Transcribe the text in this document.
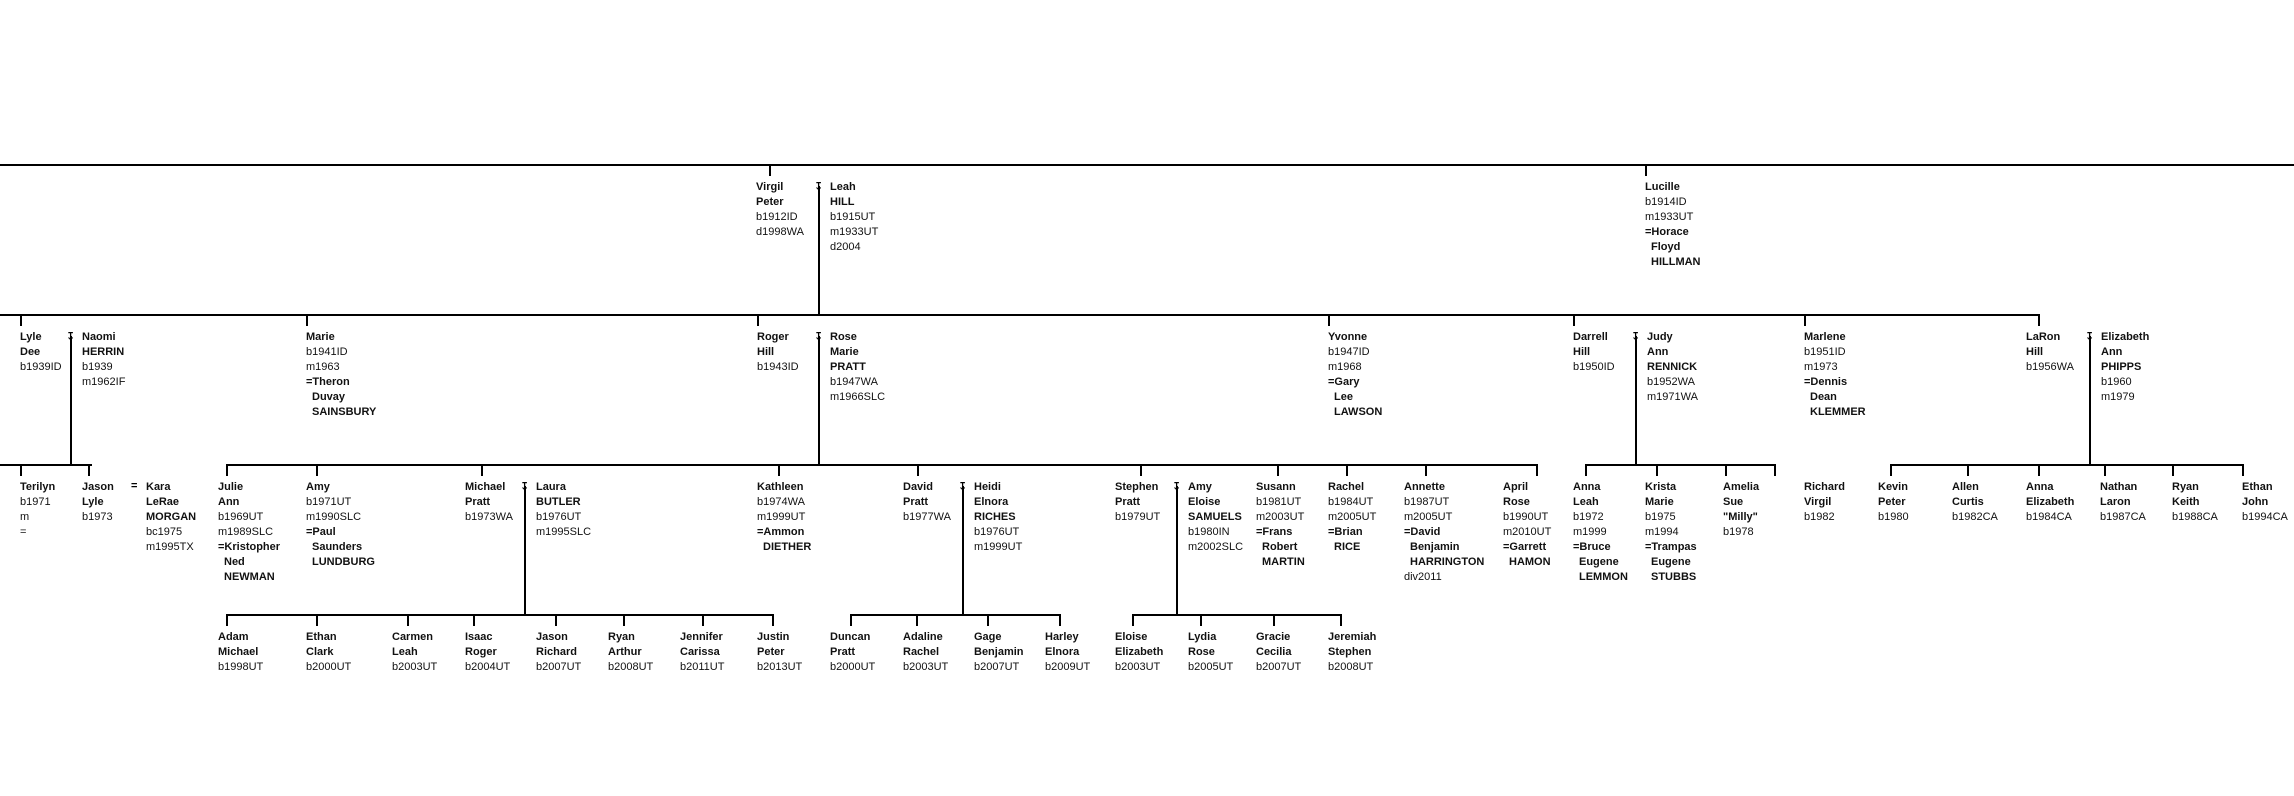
Virgil
Peter
b1912ID
d1998WA
Leah
HILL
b1915UT
m1933UT
d2004
Lucille
b1914ID
m1933UT
=Horace
Floyd
HILLMAN
Lyle
Dee
b1939ID
Naomi
HERRIN
b1939
m1962IF
Marie
b1941ID
m1963
=Theron
Duvay
SAINSBURY
Roger
Hill
b1943ID
Rose
Marie
PRATT
b1947WA
m1966SLC
Yvonne
b1947ID
m1968
=Gary
Lee
LAWSON
Darrell
Hill
b1950ID
Judy
Ann
RENNICK
b1952WA
m1971WA
Marlene
b1951ID
m1973
=Dennis
Dean
KLEMMER
LaRon
Hill
b1956WA
Elizabeth
Ann
PHIPPS
b1960
m1979
Terilyn
b1971
m
=
Jason
Lyle
b1973
Kara
LeRae
MORGAN
bc1975
m1995TX
Julie
Ann
b1969UT
m1989SLC
=Kristopher
Ned
NEWMAN
Amy
b1971UT
m1990SLC
=Paul
Saunders
LUNDBURG
Michael
Pratt
b1973WA
Laura
BUTLER
b1976UT
m1995SLC
Kathleen
b1974WA
m1999UT
=Ammon
DIETHER
David
Pratt
b1977WA
Heidi
Elnora
RICHES
b1976UT
m1999UT
Stephen
Pratt
b1979UT
Amy
Eloise
SAMUELS
b1980IN
m2002SLC
Susann
b1981UT
m2003UT
=Frans
Robert
MARTIN
Rachel
b1984UT
m2005UT
=Brian
RICE
Annette
b1987UT
m2005UT
=David
Benjamin
HARRINGTON
div2011
April
Rose
b1990UT
m2010UT
=Garrett
HAMON
Anna
Leah
b1972
m1999
=Bruce
Eugene
LEMMON
Krista
Marie
b1975
m1994
=Trampas
Eugene
STUBBS
Amelia
Sue
"Milly"
b1978
Richard
Virgil
b1982
Kevin
Peter
b1980
Allen
Curtis
b1982CA
Anna
Elizabeth
b1984CA
Nathan
Laron
b1987CA
Ryan
Keith
b1988CA
Ethan
John
b1994CA
Adam
Michael
b1998UT
Ethan
Clark
b2000UT
Carmen
Leah
b2003UT
Isaac
Roger
b2004UT
Jason
Richard
b2007UT
Ryan
Arthur
b2008UT
Jennifer
Carissa
b2011UT
Justin
Peter
b2013UT
Duncan
Pratt
b2000UT
Adaline
Rachel
b2003UT
Gage
Benjamin
b2007UT
Harley
Elnora
b2009UT
Eloise
Elizabeth
b2003UT
Lydia
Rose
b2005UT
Gracie
Cecilia
b2007UT
Jeremiah
Stephen
b2008UT
↧
↧	↧	↧	↧
↧	↧	↧
=
